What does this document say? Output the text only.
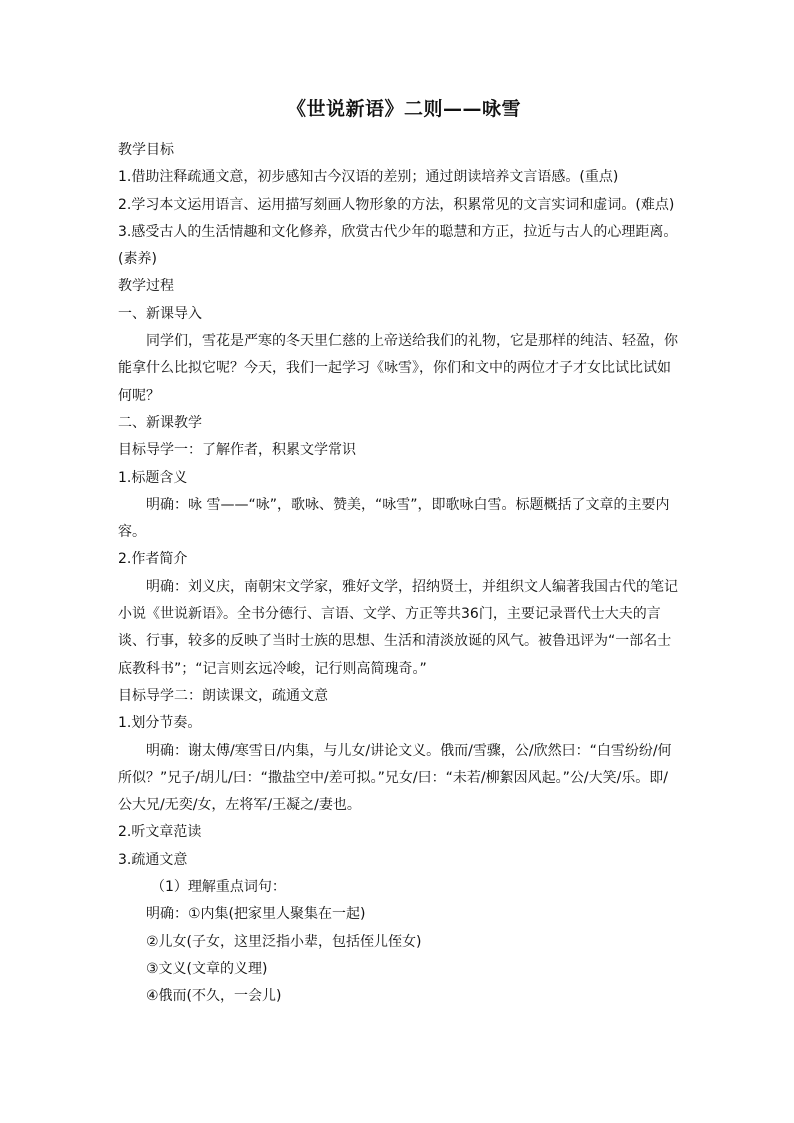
《世说新语》二则——咏雪

教学目标

1.借助注释疏通文意，初步感知古今汉语的差别；通过朗读培养文言语感。(重点)

2.学习本文运用语言、运用描写刻画人物形象的方法，积累常见的文言实词和虚词。(难点)

3.感受古人的生活情趣和文化修养，欣赏古代少年的聪慧和方正，拉近与古人的心理距离。(素养)

教学过程

一、新课导入

同学们，雪花是严寒的冬天里仁慈的上帝送给我们的礼物，它是那样的纯洁、轻盈，你能拿什么比拟它呢？今天，我们一起学习《咏雪》，你们和文中的两位才子才女比试比试如何呢？

二、新课教学

目标导学一：了解作者，积累文学常识

1.标题含义

明确：咏 雪——“咏”，歌咏、赞美，“咏雪”，即歌咏白雪。标题概括了文章的主要内容。

2.作者简介

明确：刘义庆，南朝宋文学家，雅好文学，招纳贤士，并组织文人编著我国古代的笔记小说《世说新语》。全书分德行、言语、文学、方正等共36门，主要记录晋代士大夫的言谈、行事，较多的反映了当时士族的思想、生活和清淡放诞的风气。被鲁迅评为“一部名士底教科书”；“记言则玄远冷峻，记行则高简瑰奇。”

目标导学二：朗读课文，疏通文意

1.划分节奏。

明确：谢太傅/寒雪日/内集，与儿女/讲论文义。俄而/雪骤，公/欣然曰：“白雪纷纷/何所似？”兄子/胡儿/曰：“撒盐空中/差可拟。”兄女/曰：“未若/柳絮因风起。”公/大笑/乐。即/公大兄/无奕/女，左将军/王凝之/妻也。

2.听文章范读

3.疏通文意

（1）理解重点词句：

明确：①内集(把家里人聚集在一起)

②儿女(子女，这里泛指小辈，包括侄儿侄女)

③文义(文章的义理)

④俄而(不久，一会儿)
